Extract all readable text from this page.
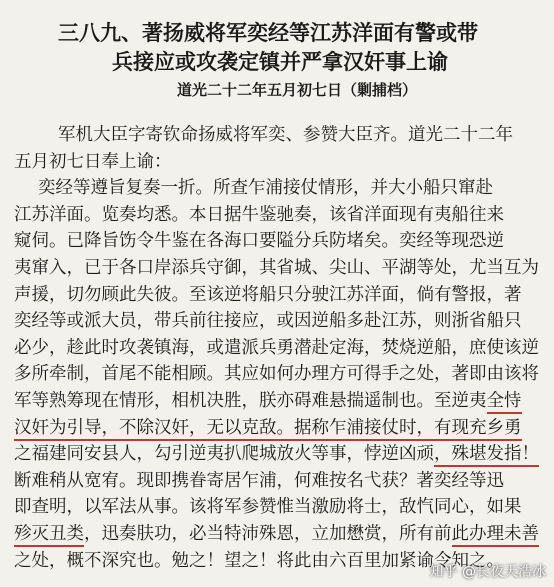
三八九、著扬威将军奕经等江苏洋面有警或带
兵接应或攻袭定镇并严拿汉奸事上谕
道光二十二年五月初七日（剿捕档）
军机大臣字寄钦命扬威将军奕、参赞大臣齐。道光二十二年
五月初七日奉上谕：
奕经等遵旨复奏一折。所查乍浦接仗情形，并大小船只窜赴
江苏洋面。览奏均悉。本日据牛鉴驰奏，该省洋面现有夷船往来
窥伺。已降旨饬令牛鉴在各海口要隘分兵防堵矣。奕经等现恐逆
夷窜入，已于各口岸添兵守御，其省城、尖山、平湖等处，尤当互为
声援，切勿顾此失彼。至该逆将船只分驶江苏洋面，倘有警报，著
奕经等或派大员，带兵前往接应，或因逆船多赴江苏，则浙省船只
必少，趁此时攻袭镇海，或遣派兵勇潜赴定海，焚烧逆船，庶使该逆
多所牵制，首尾不能相顾。其应如何办理方可得手之处，著即由该将
军等熟筹现在情形，相机决胜，朕亦碍难悬揣遥制也。至逆夷全恃
汉奸为引导，不除汉奸，无以克敌。据称乍浦接仗时，有现充乡勇
之福建同安县人，勾引逆夷扒爬城放火等事，悖逆凶顽，殊堪发指！
断难稍从宽宥。现即携眷寄居乍浦，何难按名弋获？著奕经等迅
即查明，以军法从事。该将军参赞惟当激励将士，敌忾同心，如果
殄灭丑类，迅奏肤功，必当特沛殊恩，立加懋赏，所有前此办理未善
之处，概不深究也。勉之！望之！将此由六百里加紧谕令知之。
知乎 @长夜天浩冰
